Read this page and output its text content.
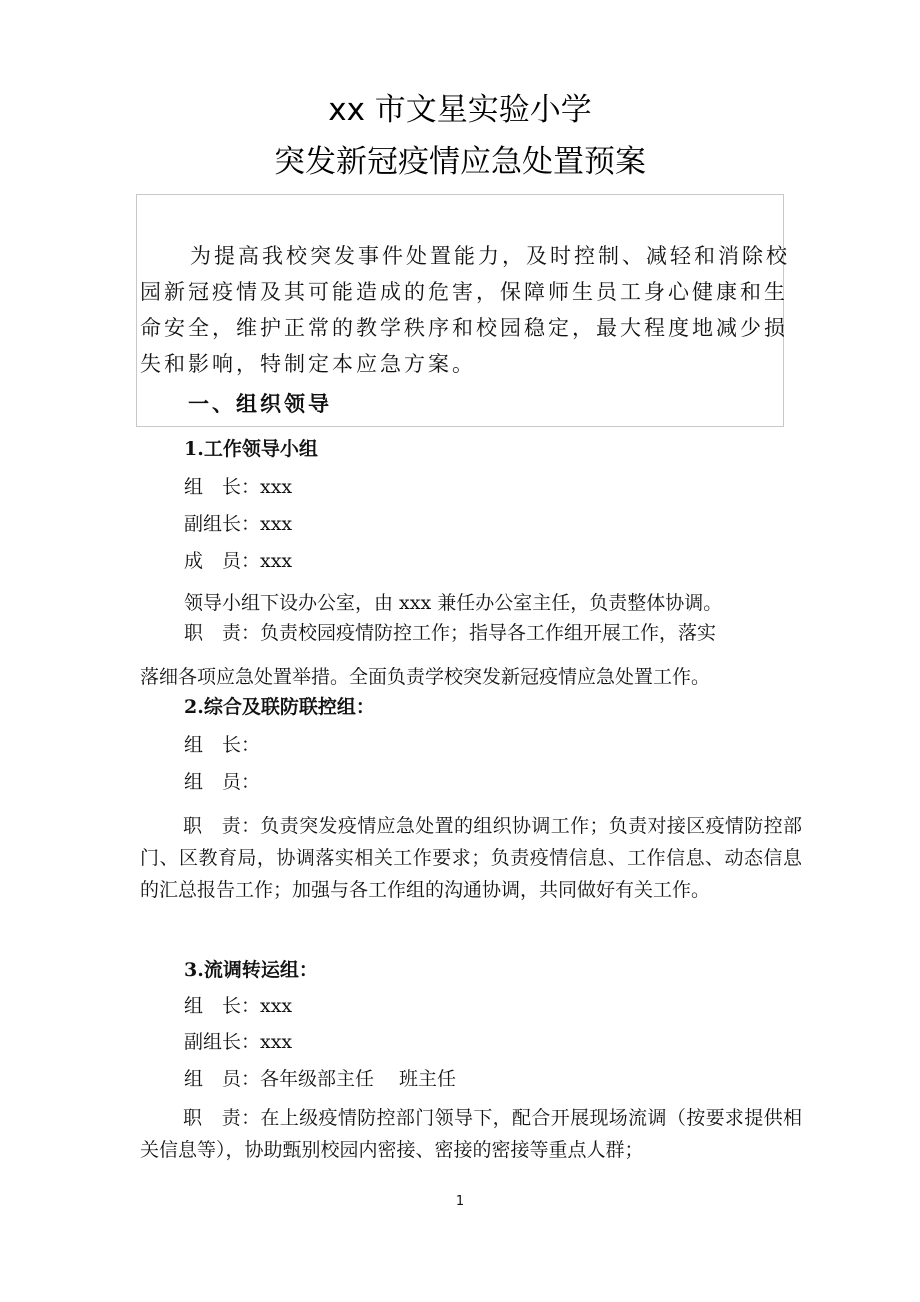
xx 市文星实验小学
突发新冠疫情应急处置预案

为提高我校突发事件处置能力，及时控制、减轻和消除校园新冠疫情及其可能造成的危害，保障师生员工身心健康和生命安全，维护正常的教学秩序和校园稳定，最大程度地减少损失和影响，特制定本应急方案。

一、组织领导
1.工作领导小组
组　长：xxx
副组长：xxx
成　员：xxx
领导小组下设办公室，由 xxx 兼任办公室主任，负责整体协调。
职　责：负责校园疫情防控工作；指导各工作组开展工作，落实
落细各项应急处置举措。全面负责学校突发新冠疫情应急处置工作。
2.综合及联防联控组：
组　长：
组　员：

职　责：负责突发疫情应急处置的组织协调工作；负责对接区疫情防控部门、区教育局，协调落实相关工作要求；负责疫情信息、工作信息、动态信息的汇总报告工作；加强与各工作组的沟通协调，共同做好有关工作。

3.流调转运组：
组　长：xxx
副组长：xxx
组　员：各年级部主任　 班主任

职　责：在上级疫情防控部门领导下，配合开展现场流调（按要求提供相关信息等），协助甄别校园内密接、密接的密接等重点人群；

1
